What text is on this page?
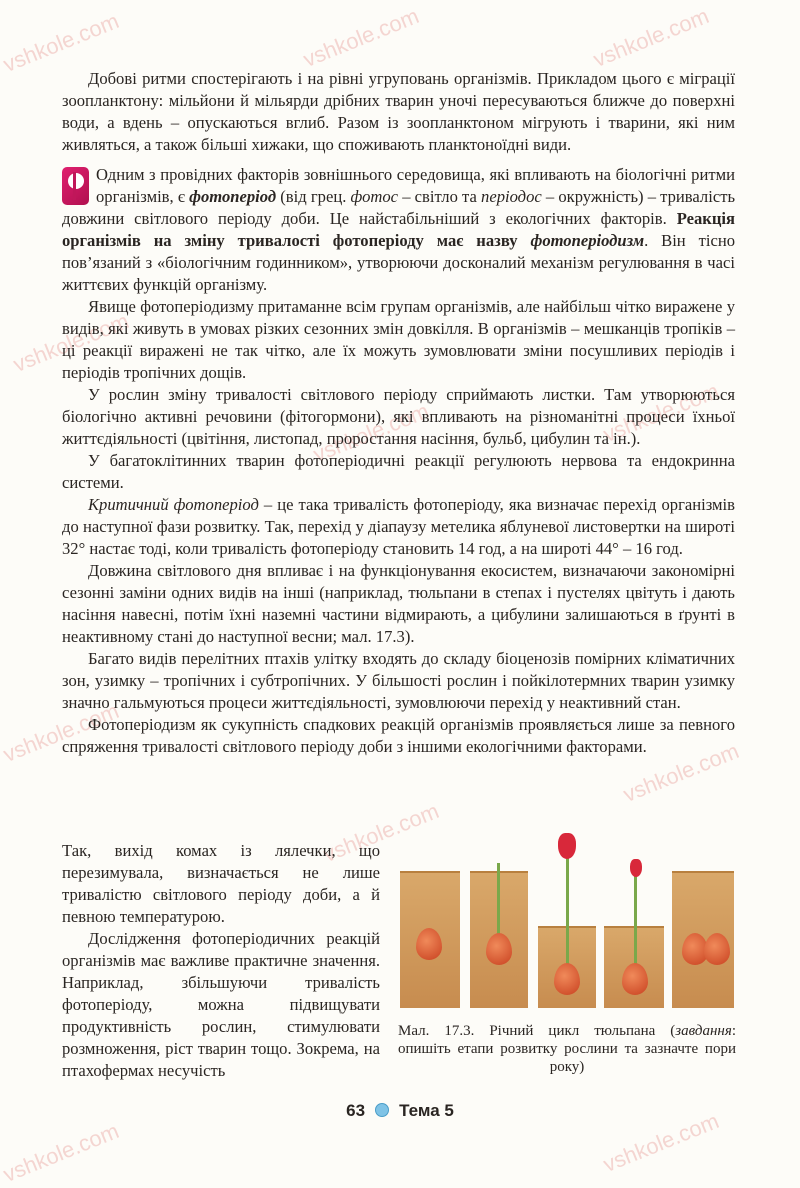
vshkole.com	vshkole.com	vshkole.com
vshkole.com
vshkole.com	vshkole.com
vshkole.com
vshkole.com
vshkole.com
vshkole.com	vshkole.com

Добові ритми спостерігають і на рівні угруповань організмів. Прикладом цього є міграції зоопланктону: мільйони й мільярди дрібних тварин уночі пересуваються ближче до поверхні води, а вдень – опускаються вглиб. Разом із зоопланктоном мігрують і тварини, які ним живляться, а також більші хижаки, що споживають планктоноїдні види.

Одним з провідних факторів зовнішнього середовища, які впливають на біологічні ритми організмів, є фотоперіод (від грец. фотос – світло та періодос – окружність) – тривалість довжини світлового періоду доби. Це найстабільніший з екологічних факторів. Реакція організмів на зміну тривалості фотоперіоду має назву фотоперіодизм. Він тісно пов’язаний з «біологічним годинником», утворюючи досконалий механізм регулювання в часі життєвих функцій організму.

Явище фотоперіодизму притаманне всім групам організмів, але найбільш чітко виражене у видів, які живуть в умовах різких сезонних змін довкілля. В організмів – мешканців тропіків – ці реакції виражені не так чітко, але їх можуть зумовлювати зміни посушливих періодів і періодів тропічних дощів.

У рослин зміну тривалості світлового періоду сприймають листки. Там утворюються біологічно активні речовини (фітогормони), які впливають на різноманітні процеси їхньої життєдіяльності (цвітіння, листопад, проростання насіння, бульб, цибулин та ін.).

У багатоклітинних тварин фотоперіодичні реакції регулюють нервова та ендокринна системи.

Критичний фотоперіод – це така тривалість фотоперіоду, яка визначає перехід організмів до наступної фази розвитку. Так, перехід у діапаузу метелика яблуневої листовертки на широті 32° настає тоді, коли тривалість фотоперіоду становить 14 год, а на широті 44° – 16 год.

Довжина світлового дня впливає і на функціонування екосистем, визначаючи закономірні сезонні заміни одних видів на інші (наприклад, тюльпани в степах і пустелях цвітуть і дають насіння навесні, потім їхні наземні частини відмирають, а цибулини залишаються в ґрунті в неактивному стані до наступної весни; мал. 17.3).

Багато видів перелітних птахів улітку входять до складу біоценозів помірних кліматичних зон, узимку – тропічних і субтропічних. У більшості рослин і пойкілотермних тварин узимку значно гальмуються процеси життєдіяльності, зумовлюючи перехід у неактивний стан.

Фотоперіодизм як сукупність спадкових реакцій організмів проявляється лише за певного спряження тривалості світлового періоду доби з іншими екологічними факторами.

Так, вихід комах із лялечки, що перезимувала, визначається не лише тривалістю світлового періоду доби, а й певною температурою.

Дослідження фотоперіодичних реакцій організмів має важливе практичне значення. Наприклад, збільшуючи тривалість фотоперіоду, можна підвищувати продуктивність рослин, стимулювати розмноження, ріст тварин тощо. Зокрема, на птахофермах несучість

Мал. 17.3. Річний цикл тюльпана (завдання: опишіть етапи розвитку рослини та зазначте пори року)
63 Тема 5
